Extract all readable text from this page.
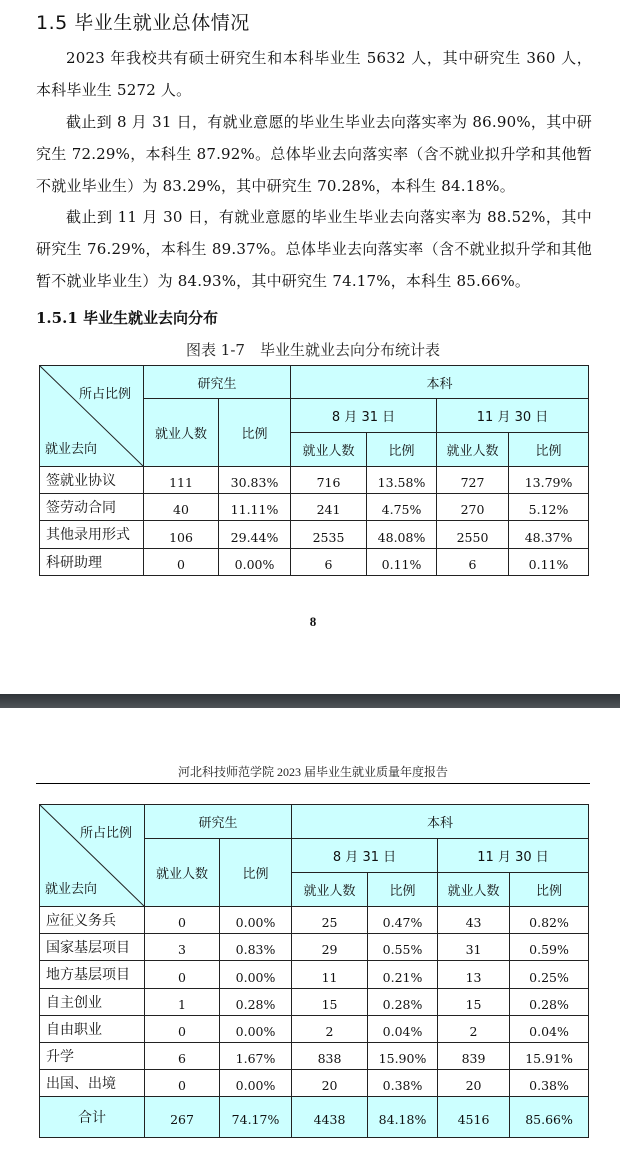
1.5 毕业生就业总体情况

2023 年我校共有硕士研究生和本科毕业生 5632 人，其中研究生 360 人，本科毕业生 5272 人。

截止到 8 月 31 日，有就业意愿的毕业生毕业去向落实率为 86.90%，其中研究生 72.29%，本科生 87.92%。总体毕业去向落实率（含不就业拟升学和其他暂不就业毕业生）为 83.29%，其中研究生 70.28%，本科生 84.18%。

截止到 11 月 30 日，有就业意愿的毕业生毕业去向落实率为 88.52%，其中研究生 76.29%，本科生 89.37%。总体毕业去向落实率（含不就业拟升学和其他暂不就业毕业生）为 84.93%，其中研究生 74.17%，本科生 85.66%。

1.5.1 毕业生就业去向分布
图表 1-7　毕业生就业去向分布统计表
所占比例
就业去向	研究生		本科			
	就业人数	比例	8 月 31 日		11 月 30 日	
			就业人数	比例	就业人数	比例
签就业协议	111	30.83%	716	13.58%	727	13.79%
签劳动合同	40	11.11%	241	4.75%	270	5.12%
其他录用形式	106	29.44%	2535	48.08%	2550	48.37%
科研助理	0	0.00%	6	0.11%	6	0.11%
8
河北科技师范学院 2023 届毕业生就业质量年度报告
所占比例
就业去向	研究生		本科			
	就业人数	比例	8 月 31 日		11 月 30 日	
			就业人数	比例	就业人数	比例
应征义务兵	0	0.00%	25	0.47%	43	0.82%
国家基层项目	3	0.83%	29	0.55%	31	0.59%
地方基层项目	0	0.00%	11	0.21%	13	0.25%
自主创业	1	0.28%	15	0.28%	15	0.28%
自由职业	0	0.00%	2	0.04%	2	0.04%
升学	6	1.67%	838	15.90%	839	15.91%
出国、出境	0	0.00%	20	0.38%	20	0.38%
合计	267	74.17%	4438	84.18%	4516	85.66%
